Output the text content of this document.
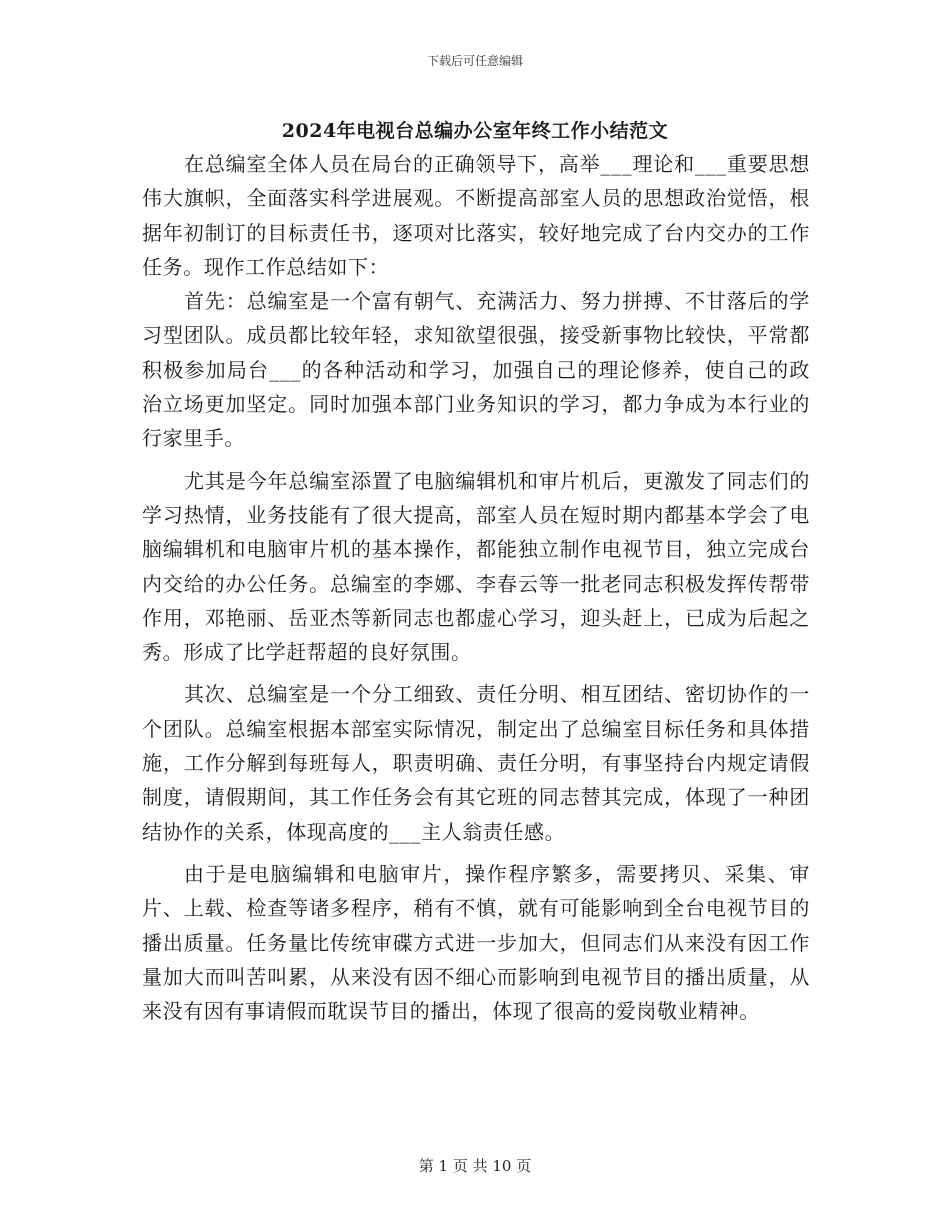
下载后可任意编辑
2024年电视台总编办公室年终工作小结范文

在总编室全体人员在局台的正确领导下，高举___理论和___重要思想伟大旗帜，全面落实科学进展观。不断提高部室人员的思想政治觉悟，根据年初制订的目标责任书，逐项对比落实，较好地完成了台内交办的工作任务。现作工作总结如下：

首先：总编室是一个富有朝气、充满活力、努力拼搏、不甘落后的学习型团队。成员都比较年轻，求知欲望很强，接受新事物比较快，平常都积极参加局台___的各种活动和学习，加强自己的理论修养，使自己的政治立场更加坚定。同时加强本部门业务知识的学习，都力争成为本行业的行家里手。

尤其是今年总编室添置了电脑编辑机和审片机后，更激发了同志们的学习热情，业务技能有了很大提高，部室人员在短时期内都基本学会了电脑编辑机和电脑审片机的基本操作，都能独立制作电视节目，独立完成台内交给的办公任务。总编室的李娜、李春云等一批老同志积极发挥传帮带作用，邓艳丽、岳亚杰等新同志也都虚心学习，迎头赶上，已成为后起之秀。形成了比学赶帮超的良好氛围。

其次、总编室是一个分工细致、责任分明、相互团结、密切协作的一个团队。总编室根据本部室实际情况，制定出了总编室目标任务和具体措施，工作分解到每班每人，职责明确、责任分明，有事坚持台内规定请假制度，请假期间，其工作任务会有其它班的同志替其完成，体现了一种团结协作的关系，体现高度的___主人翁责任感。

由于是电脑编辑和电脑审片，操作程序繁多，需要拷贝、采集、审片、上载、检查等诸多程序，稍有不慎，就有可能影响到全台电视节目的播出质量。任务量比传统审碟方式进一步加大，但同志们从来没有因工作量加大而叫苦叫累，从来没有因不细心而影响到电视节目的播出质量，从来没有因有事请假而耽误节目的播出，体现了很高的爱岗敬业精神。

第 1 页 共 10 页
